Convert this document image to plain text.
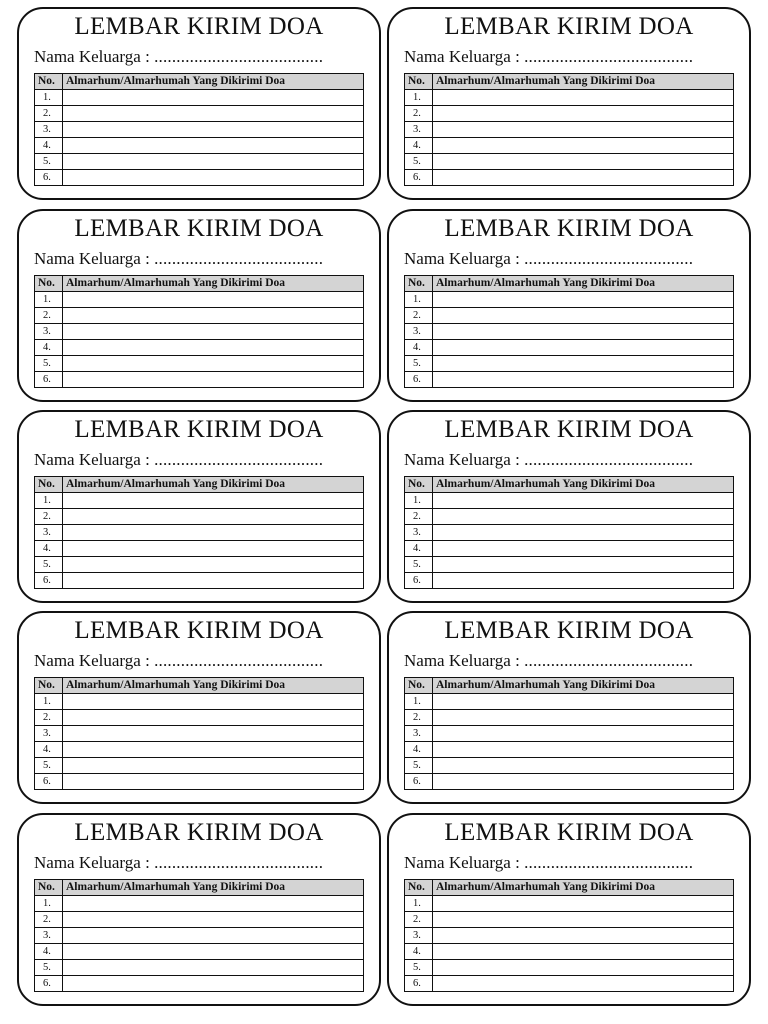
LEMBAR KIRIM DOA
Nama Keluarga : ......................................
No.	Almarhum/Almarhumah Yang Dikirimi Doa
1.	
2.	
3.	
4.	
5.	
6.	
LEMBAR KIRIM DOA
Nama Keluarga : ......................................
No.	Almarhum/Almarhumah Yang Dikirimi Doa
1.	
2.	
3.	
4.	
5.	
6.	
LEMBAR KIRIM DOA
Nama Keluarga : ......................................
No.	Almarhum/Almarhumah Yang Dikirimi Doa
1.	
2.	
3.	
4.	
5.	
6.	
LEMBAR KIRIM DOA
Nama Keluarga : ......................................
No.	Almarhum/Almarhumah Yang Dikirimi Doa
1.	
2.	
3.	
4.	
5.	
6.	
LEMBAR KIRIM DOA
Nama Keluarga : ......................................
No.	Almarhum/Almarhumah Yang Dikirimi Doa
1.	
2.	
3.	
4.	
5.	
6.	
LEMBAR KIRIM DOA
Nama Keluarga : ......................................
No.	Almarhum/Almarhumah Yang Dikirimi Doa
1.	
2.	
3.	
4.	
5.	
6.	
LEMBAR KIRIM DOA
Nama Keluarga : ......................................
No.	Almarhum/Almarhumah Yang Dikirimi Doa
1.	
2.	
3.	
4.	
5.	
6.	
LEMBAR KIRIM DOA
Nama Keluarga : ......................................
No.	Almarhum/Almarhumah Yang Dikirimi Doa
1.	
2.	
3.	
4.	
5.	
6.	
LEMBAR KIRIM DOA
Nama Keluarga : ......................................
No.	Almarhum/Almarhumah Yang Dikirimi Doa
1.	
2.	
3.	
4.	
5.	
6.	
LEMBAR KIRIM DOA
Nama Keluarga : ......................................
No.	Almarhum/Almarhumah Yang Dikirimi Doa
1.	
2.	
3.	
4.	
5.	
6.	
